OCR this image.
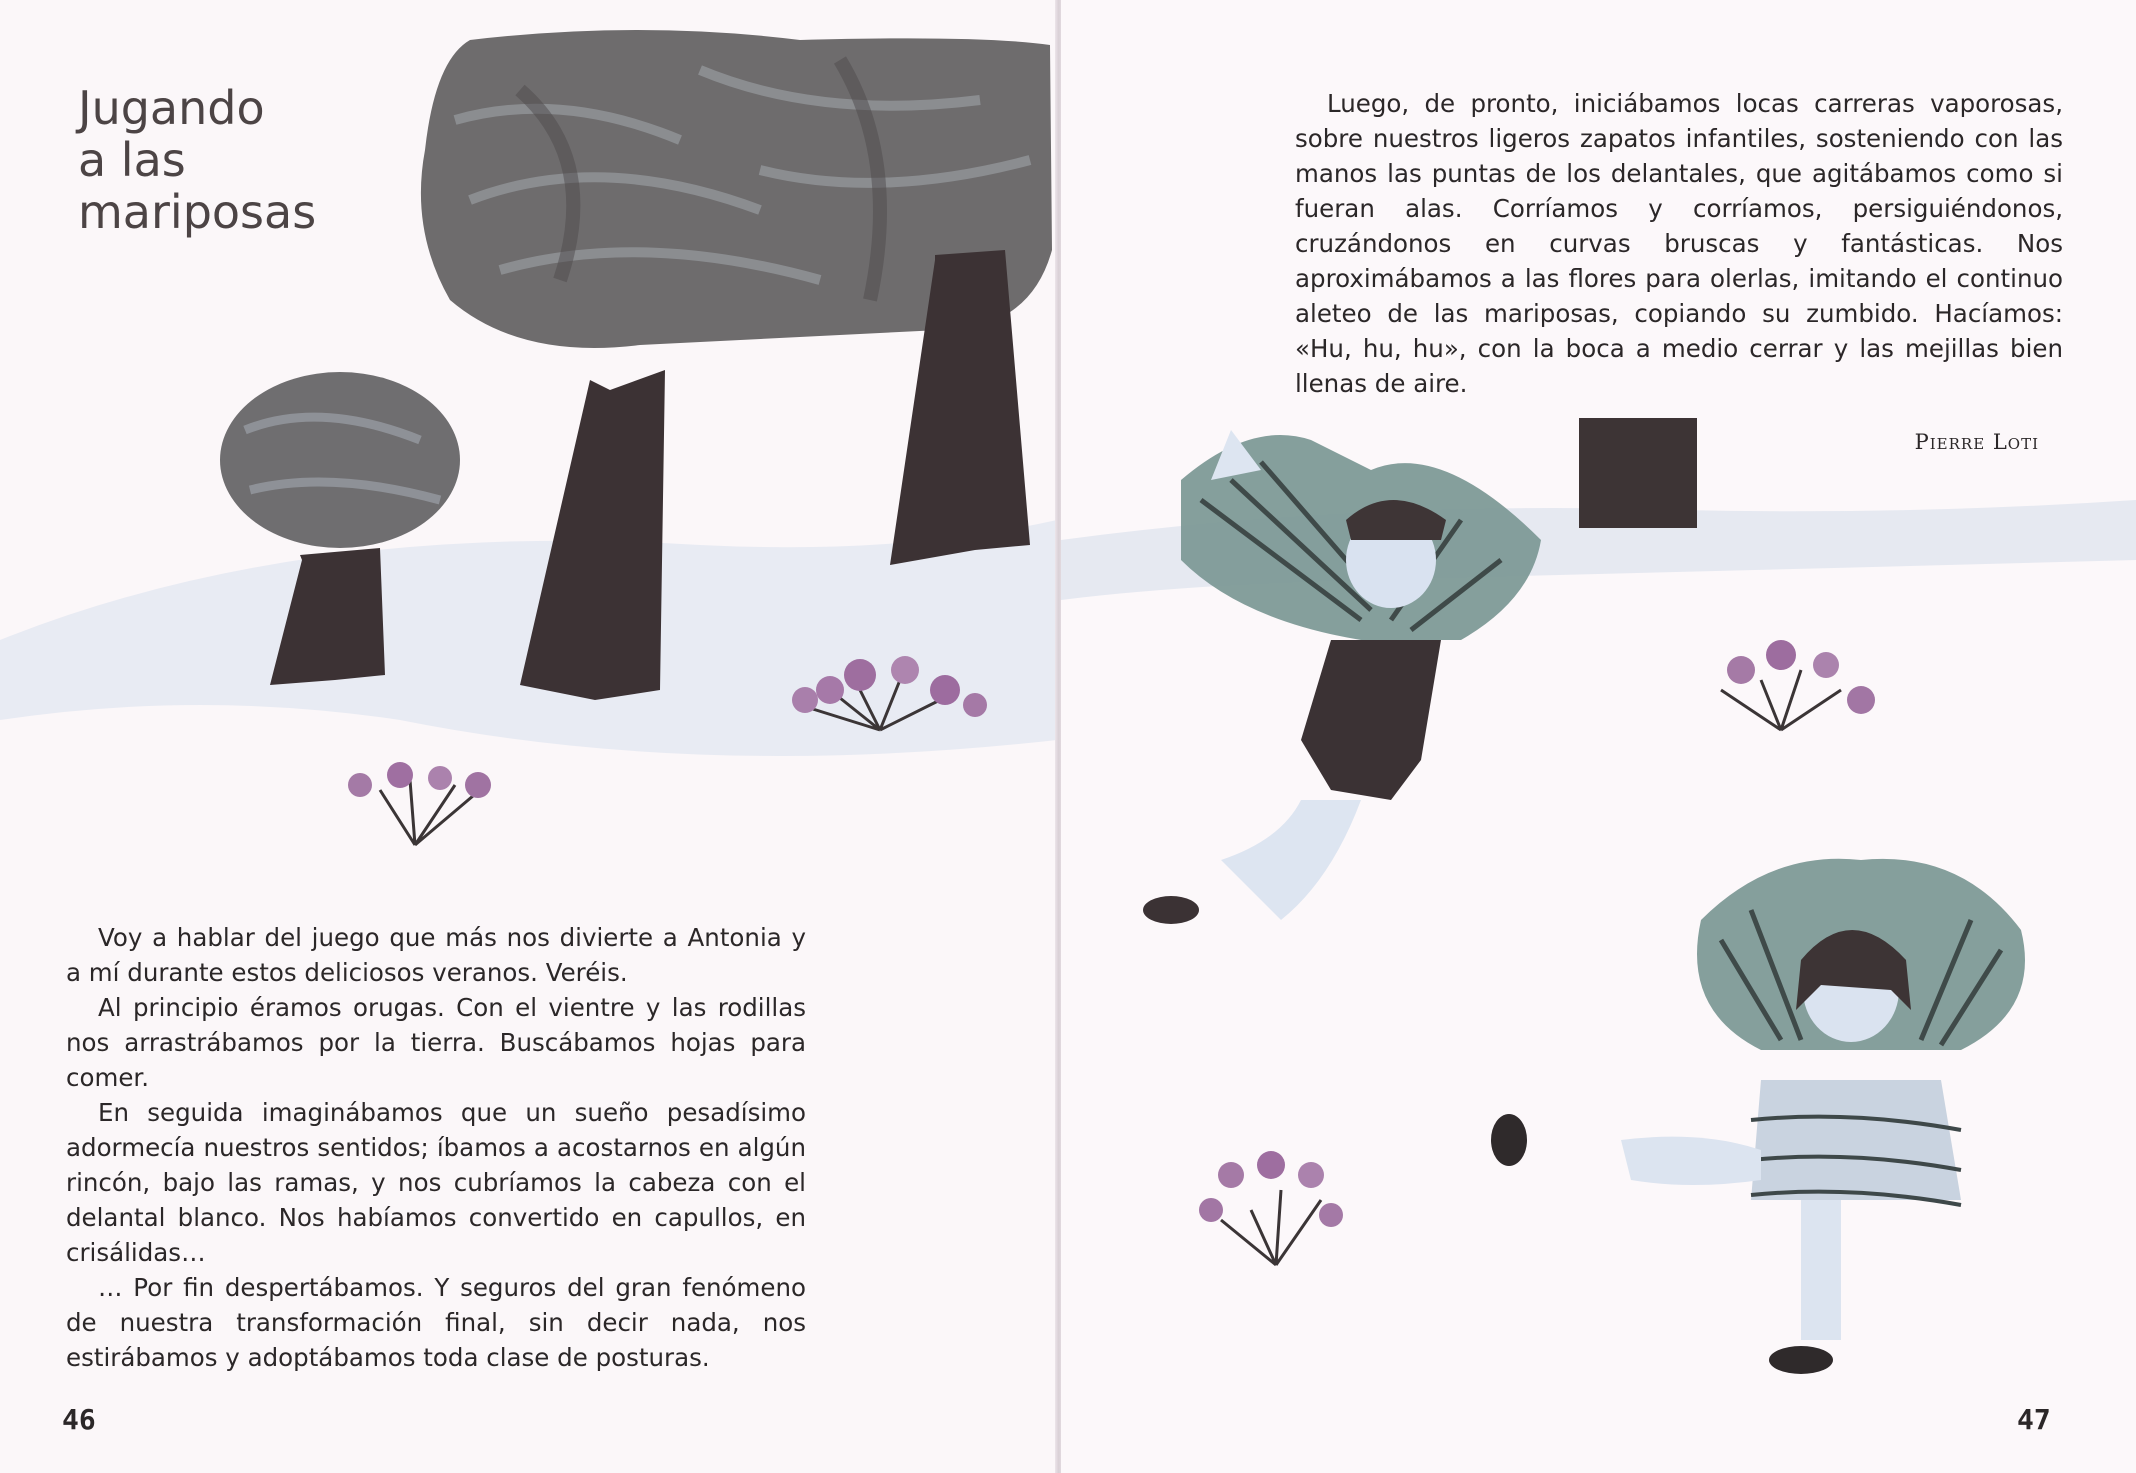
Jugando
a las
mariposas

Voy a hablar del juego que más nos divierte a Antonia y a mí durante estos deliciosos veranos. Veréis.

Al principio éramos orugas. Con el vientre y las rodillas nos arrastrábamos por la tierra. Buscábamos hojas para comer.

En seguida imaginábamos que un sueño pesadísimo adormecía nuestros sentidos; íbamos a acostarnos en algún rincón, bajo las ramas, y nos cubríamos la cabeza con el delantal blanco. Nos habíamos convertido en capullos, en crisálidas…

… Por fin despertábamos. Y seguros del gran fenómeno de nuestra transformación final, sin decir nada, nos estirábamos y adoptábamos toda clase de posturas.

46

Luego, de pronto, iniciábamos locas carreras vaporosas, sobre nuestros ligeros zapatos infantiles, sosteniendo con las manos las puntas de los delantales, que agitábamos como si fueran alas. Corríamos y corríamos, persiguiéndonos, cruzándonos en curvas bruscas y fantásticas. Nos aproximábamos a las flores para olerlas, imitando el continuo aleteo de las mariposas, copiando su zumbido. Hacíamos: «Hu, hu, hu», con la boca a medio cerrar y las mejillas bien llenas de aire.

Pierre Loti

47
